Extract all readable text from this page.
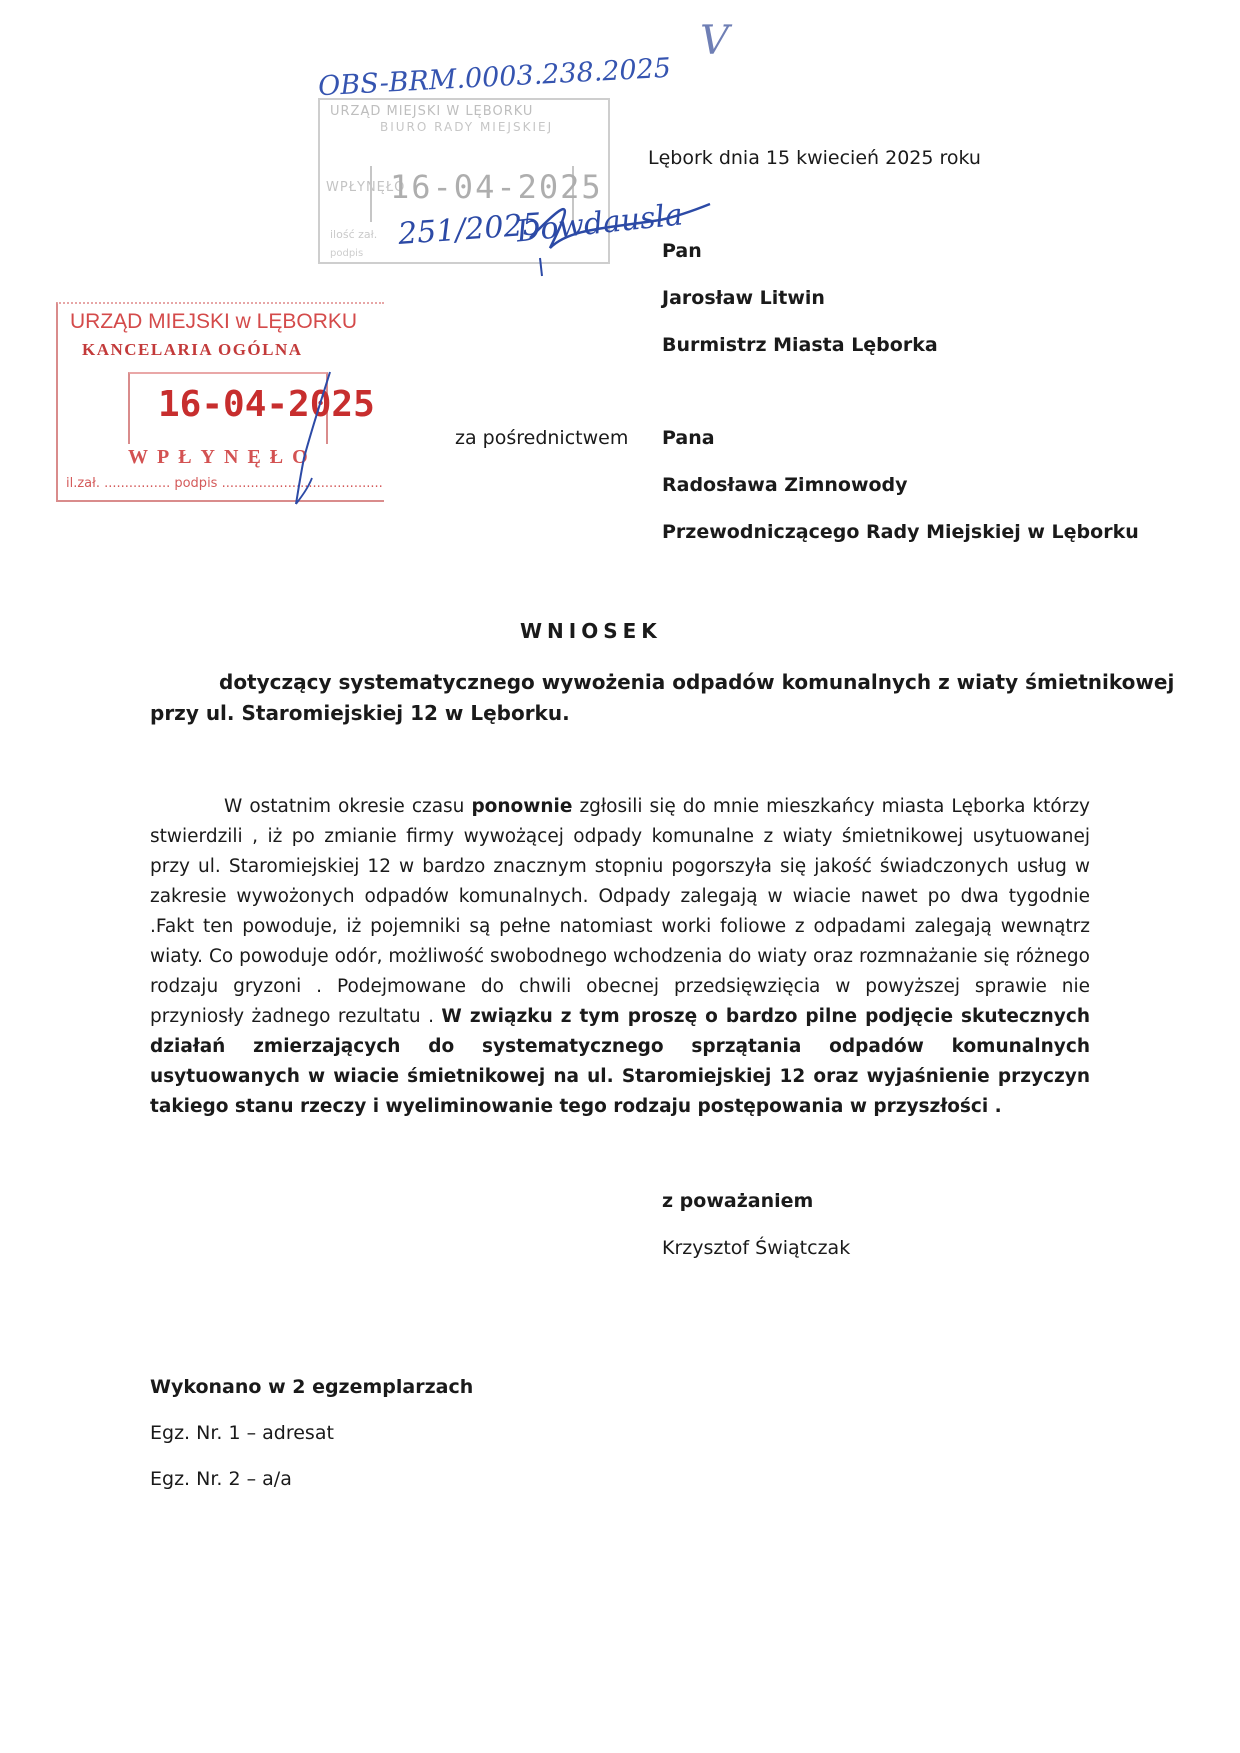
V
OBS-BRM.0003.238.2025
URZĄD MIEJSKI W LĘBORKU
BIURO RADY MIEJSKIEJ
WPŁYNĘŁO
16-04-2025
ilość zał.
podpis
251/2025
Dowdausla
Lębork dnia 15 kwiecień 2025 roku
Pan
Jarosław Litwin
Burmistrz Miasta Lęborka
URZĄD MIEJSKI w LĘBORKU
KANCELARIA OGÓLNA
16-04-2025
WPŁYNĘŁO
il.zał. ................ podpis .......................................
za pośrednictwem Pana
Radosława Zimnowody
Przewodniczącego Rady Miejskiej w Lęborku
WNIOSEK
dotyczący systematycznego wywożenia odpadów komunalnych z wiaty śmietnikowej
przy ul. Staromiejskiej 12 w Lęborku.
W ostatnim okresie czasu ponownie zgłosili się do mnie mieszkańcy miasta Lęborka którzy stwierdzili , iż po zmianie firmy wywożącej odpady komunalne z wiaty śmietnikowej usytuowanej przy ul. Staromiejskiej 12 w bardzo znacznym stopniu pogorszyła się jakość świadczonych usług w zakresie wywożonych odpadów komunalnych. Odpady zalegają w wiacie nawet po dwa tygodnie .Fakt ten powoduje, iż pojemniki są pełne natomiast worki foliowe z odpadami zalegają wewnątrz wiaty. Co powoduje odór, możliwość swobodnego wchodzenia do wiaty oraz rozmnażanie się różnego rodzaju gryzoni . Podejmowane do chwili obecnej przedsięwzięcia w powyższej sprawie nie przyniosły żadnego rezultatu . W związku z tym proszę o bardzo pilne podjęcie skutecznych działań zmierzających do systematycznego sprzątania odpadów komunalnych usytuowanych w wiacie śmietnikowej na ul. Staromiejskiej 12 oraz wyjaśnienie przyczyn takiego stanu rzeczy i wyeliminowanie tego rodzaju postępowania w przyszłości .
z poważaniem
Krzysztof Świątczak
Wykonano w 2 egzemplarzach
Egz. Nr. 1 – adresat
Egz. Nr. 2 – a/a
